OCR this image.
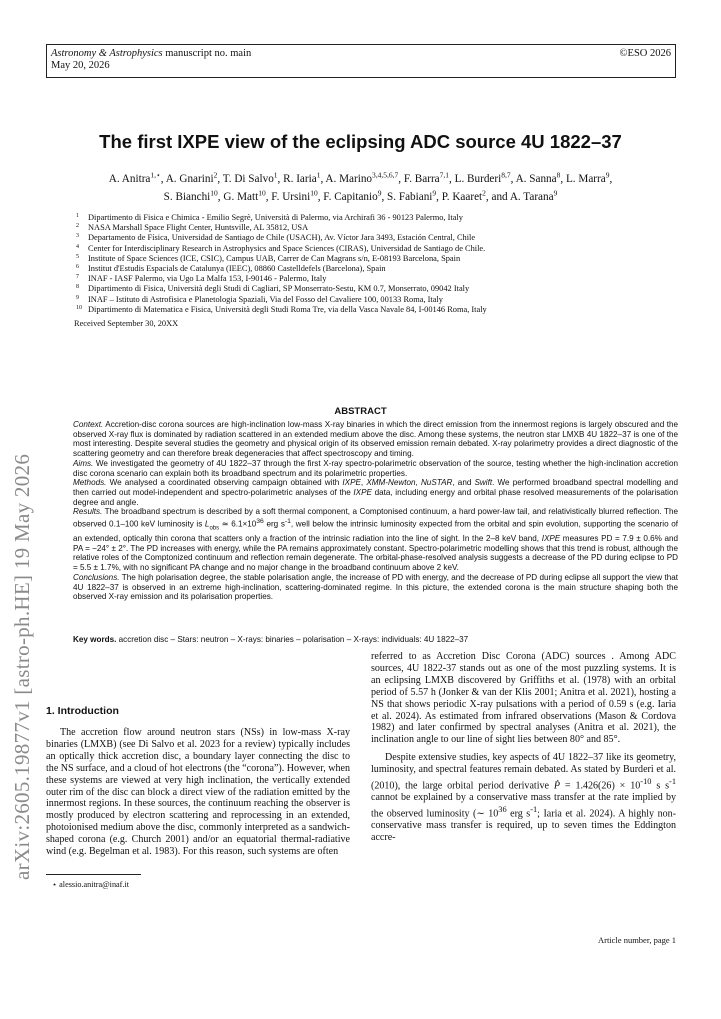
Astronomy & Astrophysics manuscript no. main
May 20, 2026
©ESO 2026
arXiv:2605.19877v1 [astro-ph.HE] 19 May 2026
The first IXPE view of the eclipsing ADC source 4U 1822–37
A. Anitra$^{1,⋆}$, A. Gnarini$^2$, T. Di Salvo$^1$, R. Iaria$^1$, A. Marino$^{3,4,5,6,7}$, F. Barra$^{7,1}$, L. Burderi$^{8,7}$, A. Sanna$^8$, L. Marra$^9$,
S. Bianchi$^{10}$, G. Matt$^{10}$, F. Ursini$^{10}$, F. Capitanio$^9$, S. Fabiani$^9$, P. Kaaret$^2$, and A. Tarana$^9$
1 Dipartimento di Fisica e Chimica - Emilio Segrè, Università di Palermo, via Archirafi 36 - 90123 Palermo, Italy
2 NASA Marshall Space Flight Center, Huntsville, AL 35812, USA
3 Departamento de Física, Universidad de Santiago de Chile (USACH), Av. Víctor Jara 3493, Estación Central, Chile
4 Center for Interdisciplinary Research in Astrophysics and Space Sciences (CIRAS), Universidad de Santiago de Chile.
5 Institute of Space Sciences (ICE, CSIC), Campus UAB, Carrer de Can Magrans s/n, E-08193 Barcelona, Spain
6 Institut d'Estudis Espacials de Catalunya (IEEC), 08860 Castelldefels (Barcelona), Spain
7 INAF - IASF Palermo, via Ugo La Malfa 153, I-90146 - Palermo, Italy
8 Dipartimento di Fisica, Università degli Studi di Cagliari, SP Monserrato-Sestu, KM 0.7, Monserrato, 09042 Italy
9 INAF – Istituto di Astrofisica e Planetologia Spaziali, Via del Fosso del Cavaliere 100, 00133 Roma, Italy
10 Dipartimento di Matematica e Fisica, Università degli Studi Roma Tre, via della Vasca Navale 84, I-00146 Roma, Italy
Received September 30, 20XX
ABSTRACT

Context. Accretion-disc corona sources are high-inclination low-mass X-ray binaries in which the direct emission from the innermost regions is largely obscured and the observed X-ray flux is dominated by radiation scattered in an extended medium above the disc. Among these systems, the neutron star LMXB 4U 1822–37 is one of the most interesting. Despite several studies the geometry and physical origin of its observed emission remain debated. X-ray polarimetry provides a direct diagnostic of the scattering geometry and can therefore break degeneracies that affect spectroscopy and timing.

Aims. We investigated the geometry of 4U 1822–37 through the first X-ray spectro-polarimetric observation of the source, testing whether the high-inclination accretion disc corona scenario can explain both its broadband spectrum and its polarimetric properties.

Methods. We analysed a coordinated observing campaign obtained with IXPE, XMM-Newton, NuSTAR, and Swift. We performed broadband spectral modelling and then carried out model-independent and spectro-polarimetric analyses of the IXPE data, including energy and orbital phase resolved measurements of the polarisation degree and angle.

Results. The broadband spectrum is described by a soft thermal component, a Comptonised continuum, a hard power-law tail, and relativistically blurred reflection. The observed 0.1–100 keV luminosity is $L_{obs}$ ≃ $6.1\times 10^{36}$ erg $s^{-1}$, well below the intrinsic luminosity expected from the orbital and spin evolution, supporting the scenario of an extended, optically thin corona that scatters only a fraction of the intrinsic radiation into the line of sight. In the 2–8 keV band, IXPE measures PD = 7.9 ± 0.6% and PA = −24° ± 2°. The PD increases with energy, while the PA remains approximately constant. Spectro-polarimetric modelling shows that this trend is robust, although the relative roles of the Comptonized continuum and reflection remain degenerate. The orbital-phase-resolved analysis suggests a decrease of the PD during eclipse to PD = 5.5 ± 1.7%, with no significant PA change and no major change in the broadband continuum above 2 keV.

Conclusions. The high polarisation degree, the stable polarisation angle, the increase of PD with energy, and the decrease of PD during eclipse all support the view that 4U 1822–37 is observed in an extreme high-inclination, scattering-dominated regime. In this picture, the extended corona is the main structure shaping both the observed X-ray emission and its polarisation properties.

Key words. accretion disc – Stars: neutron – X-rays: binaries – polarisation – X-rays: individuals: 4U 1822–37
1. Introduction

The accretion flow around neutron stars (NSs) in low-mass X-ray binaries (LMXB) (see Di Salvo et al. 2023 for a review) typically includes an optically thick accretion disc, a boundary layer connecting the disc to the NS surface, and a cloud of hot electrons (the “corona”). However, when these systems are viewed at very high inclination, the vertically extended outer rim of the disc can block a direct view of the radiation emitted by the innermost regions. In these sources, the continuum reaching the observer is mostly produced by electron scattering and reprocessing in an extended, photoionised medium above the disc, commonly interpreted as a sandwich-shaped corona (e.g. Church 2001) and/or an equatorial thermal-radiative wind (e.g. Begelman et al. 1983). For this reason, such systems are often

referred to as Accretion Disc Corona (ADC) sources . Among ADC sources, 4U 1822-37 stands out as one of the most puzzling systems. It is an eclipsing LMXB discovered by Griffiths et al. (1978) with an orbital period of 5.57 h (Jonker & van der Klis 2001; Anitra et al. 2021), hosting a NS that shows periodic X-ray pulsations with a period of 0.59 s (e.g. Iaria et al. 2024). As estimated from infrared observations (Mason & Cordova 1982) and later confirmed by spectral analyses (Anitra et al. 2021), the inclination angle to our line of sight lies between 80° and 85°.

Despite extensive studies, key aspects of 4U 1822–37 like its geometry, luminosity, and spectral features remain debated. As stated by Burderi et al. (2010), the large orbital period derivative Ṗ = $1.426(26) \times 10^{-10}$ s $s^{-1}$ cannot be explained by a conservative mass transfer at the rate implied by the observed luminosity (∼ $10^{36}$ erg $s^{-1}$; Iaria et al. 2024). A highly non-conservative mass transfer is required, up to seven times the Eddington accre-

⋆ alessio.anitra@inaf.it
Article number, page 1
